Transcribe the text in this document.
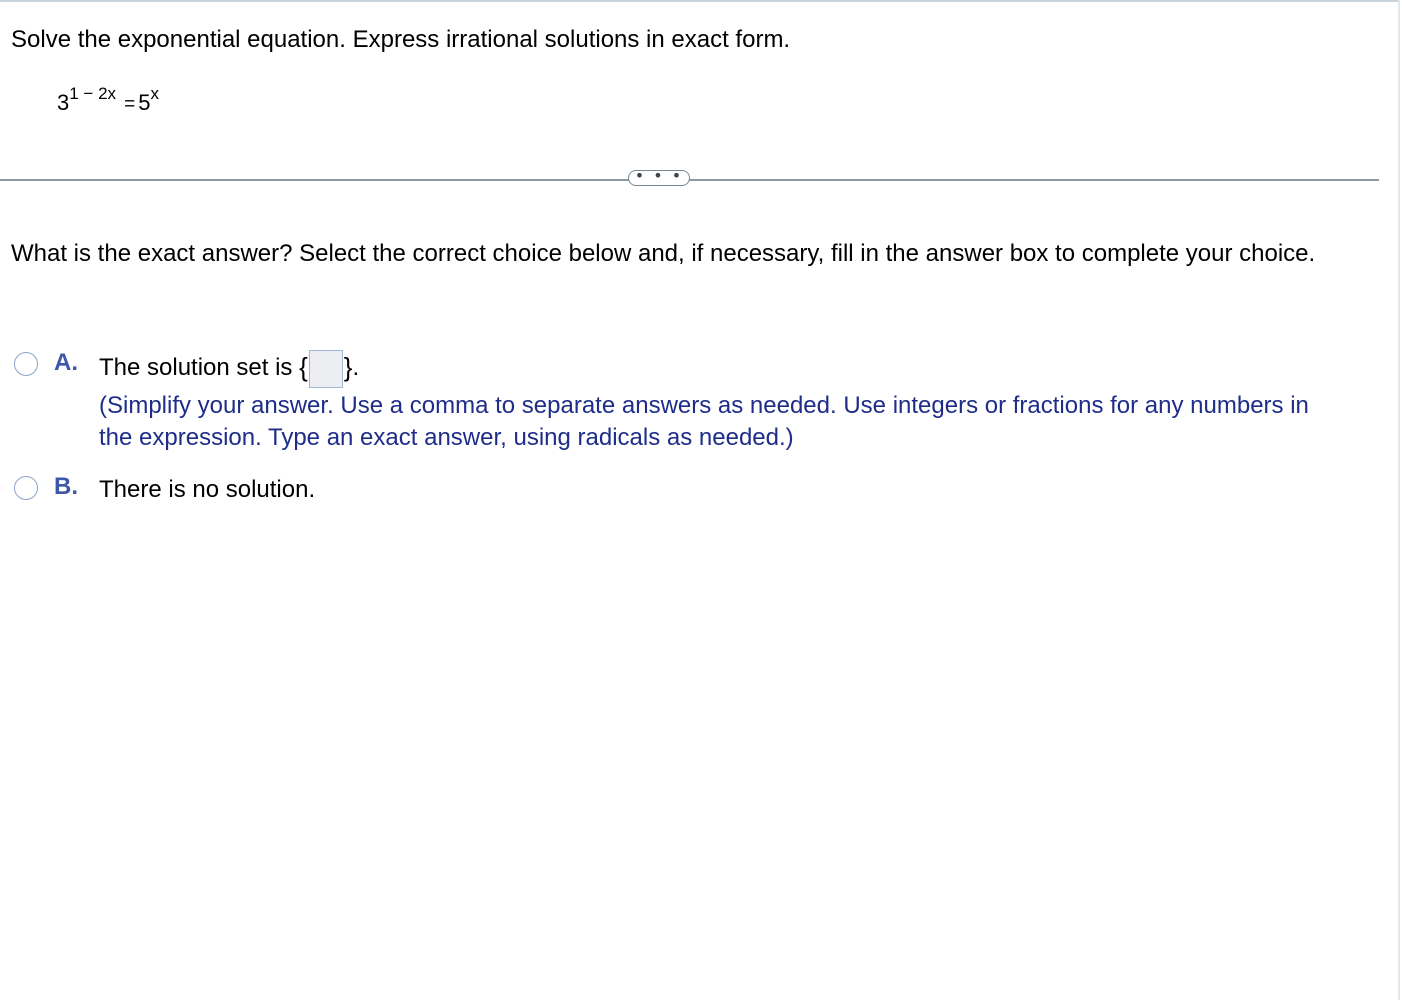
Solve the exponential equation. Express irrational solutions in exact form.
$3^{1 - 2x} = 5^x$
• • •
What is the exact answer? Select the correct choice below and, if necessary, fill in the answer box to complete your choice.
A. The solution set is { }.
(Simplify your answer. Use a comma to separate answers as needed. Use integers or fractions for any numbers in the expression. Type an exact answer, using radicals as needed.)
B. There is no solution.
